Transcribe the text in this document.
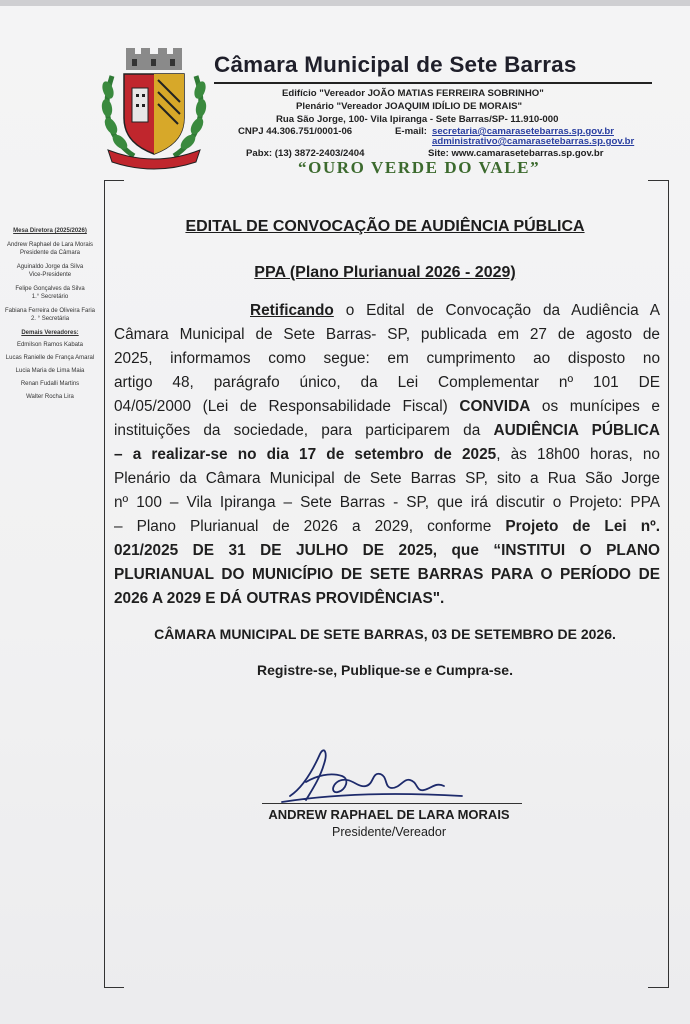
Câmara Municipal de Sete Barras
Edifício "Vereador JOÃO MATIAS FERREIRA SOBRINHO"
Plenário "Vereador JOAQUIM IDÍLIO DE MORAIS"
Rua São Jorge, 100- Vila Ipiranga - Sete Barras/SP- 11.910-000
CNPJ 44.306.751/0001-06	E-mail: secretaria@camarasetebarras.sp.gov.br
administrativo@camarasetebarras.sp.gov.br
Pabx: (13) 3872-2403/2404	Site: www.camarasetebarras.sp.gov.br
“OURO VERDE DO VALE”
Mesa Diretora (2025/2026)
Andrew Raphael de Lara Morais
Presidente da Câmara
Aguinaldo Jorge da Silva
Vice-Presidente
Felipe Gonçalves da Silva
1.° Secretário
Fabiana Ferreira de Oliveira Faria
2. ° Secretária
Demais Vereadores:
Edmilson Ramos Kabata
Lucas Ranielle de França Amaral
Lucia Maria de Lima Maia
Renan Fudalli Martins
Walter Rocha Lira
EDITAL DE CONVOCAÇÃO DE AUDIÊNCIA PÚBLICA
PPA (Plano Plurianual 2026 - 2029)
Retificando o Edital de Convocação da Audiência A
Câmara Municipal de Sete Barras- SP, publicada em 27 de agosto de
2025, informamos como segue: em cumprimento ao disposto no
artigo 48, parágrafo único, da Lei Complementar nº 101 DE
04/05/2000 (Lei de Responsabilidade Fiscal) CONVIDA os munícipes e
instituições da sociedade, para participarem da AUDIÊNCIA PÚBLICA
– a realizar-se no dia 17 de setembro de 2025, às 18h00 horas, no
Plenário da Câmara Municipal de Sete Barras SP, sito a Rua São Jorge
nº 100 – Vila Ipiranga – Sete Barras - SP, que irá discutir o Projeto: PPA
– Plano Plurianual de 2026 a 2029, conforme Projeto de Lei nº.
021/2025 DE 31 DE JULHO DE 2025, que “INSTITUI O PLANO
PLURIANUAL DO MUNICÍPIO DE SETE BARRAS PARA O PERÍODO DE
2026 A 2029 E DÁ OUTRAS PROVIDÊNCIAS".
CÂMARA MUNICIPAL DE SETE BARRAS, 03 DE SETEMBRO DE 2026.
Registre-se, Publique-se e Cumpra-se.
ANDREW RAPHAEL DE LARA MORAIS
Presidente/Vereador
